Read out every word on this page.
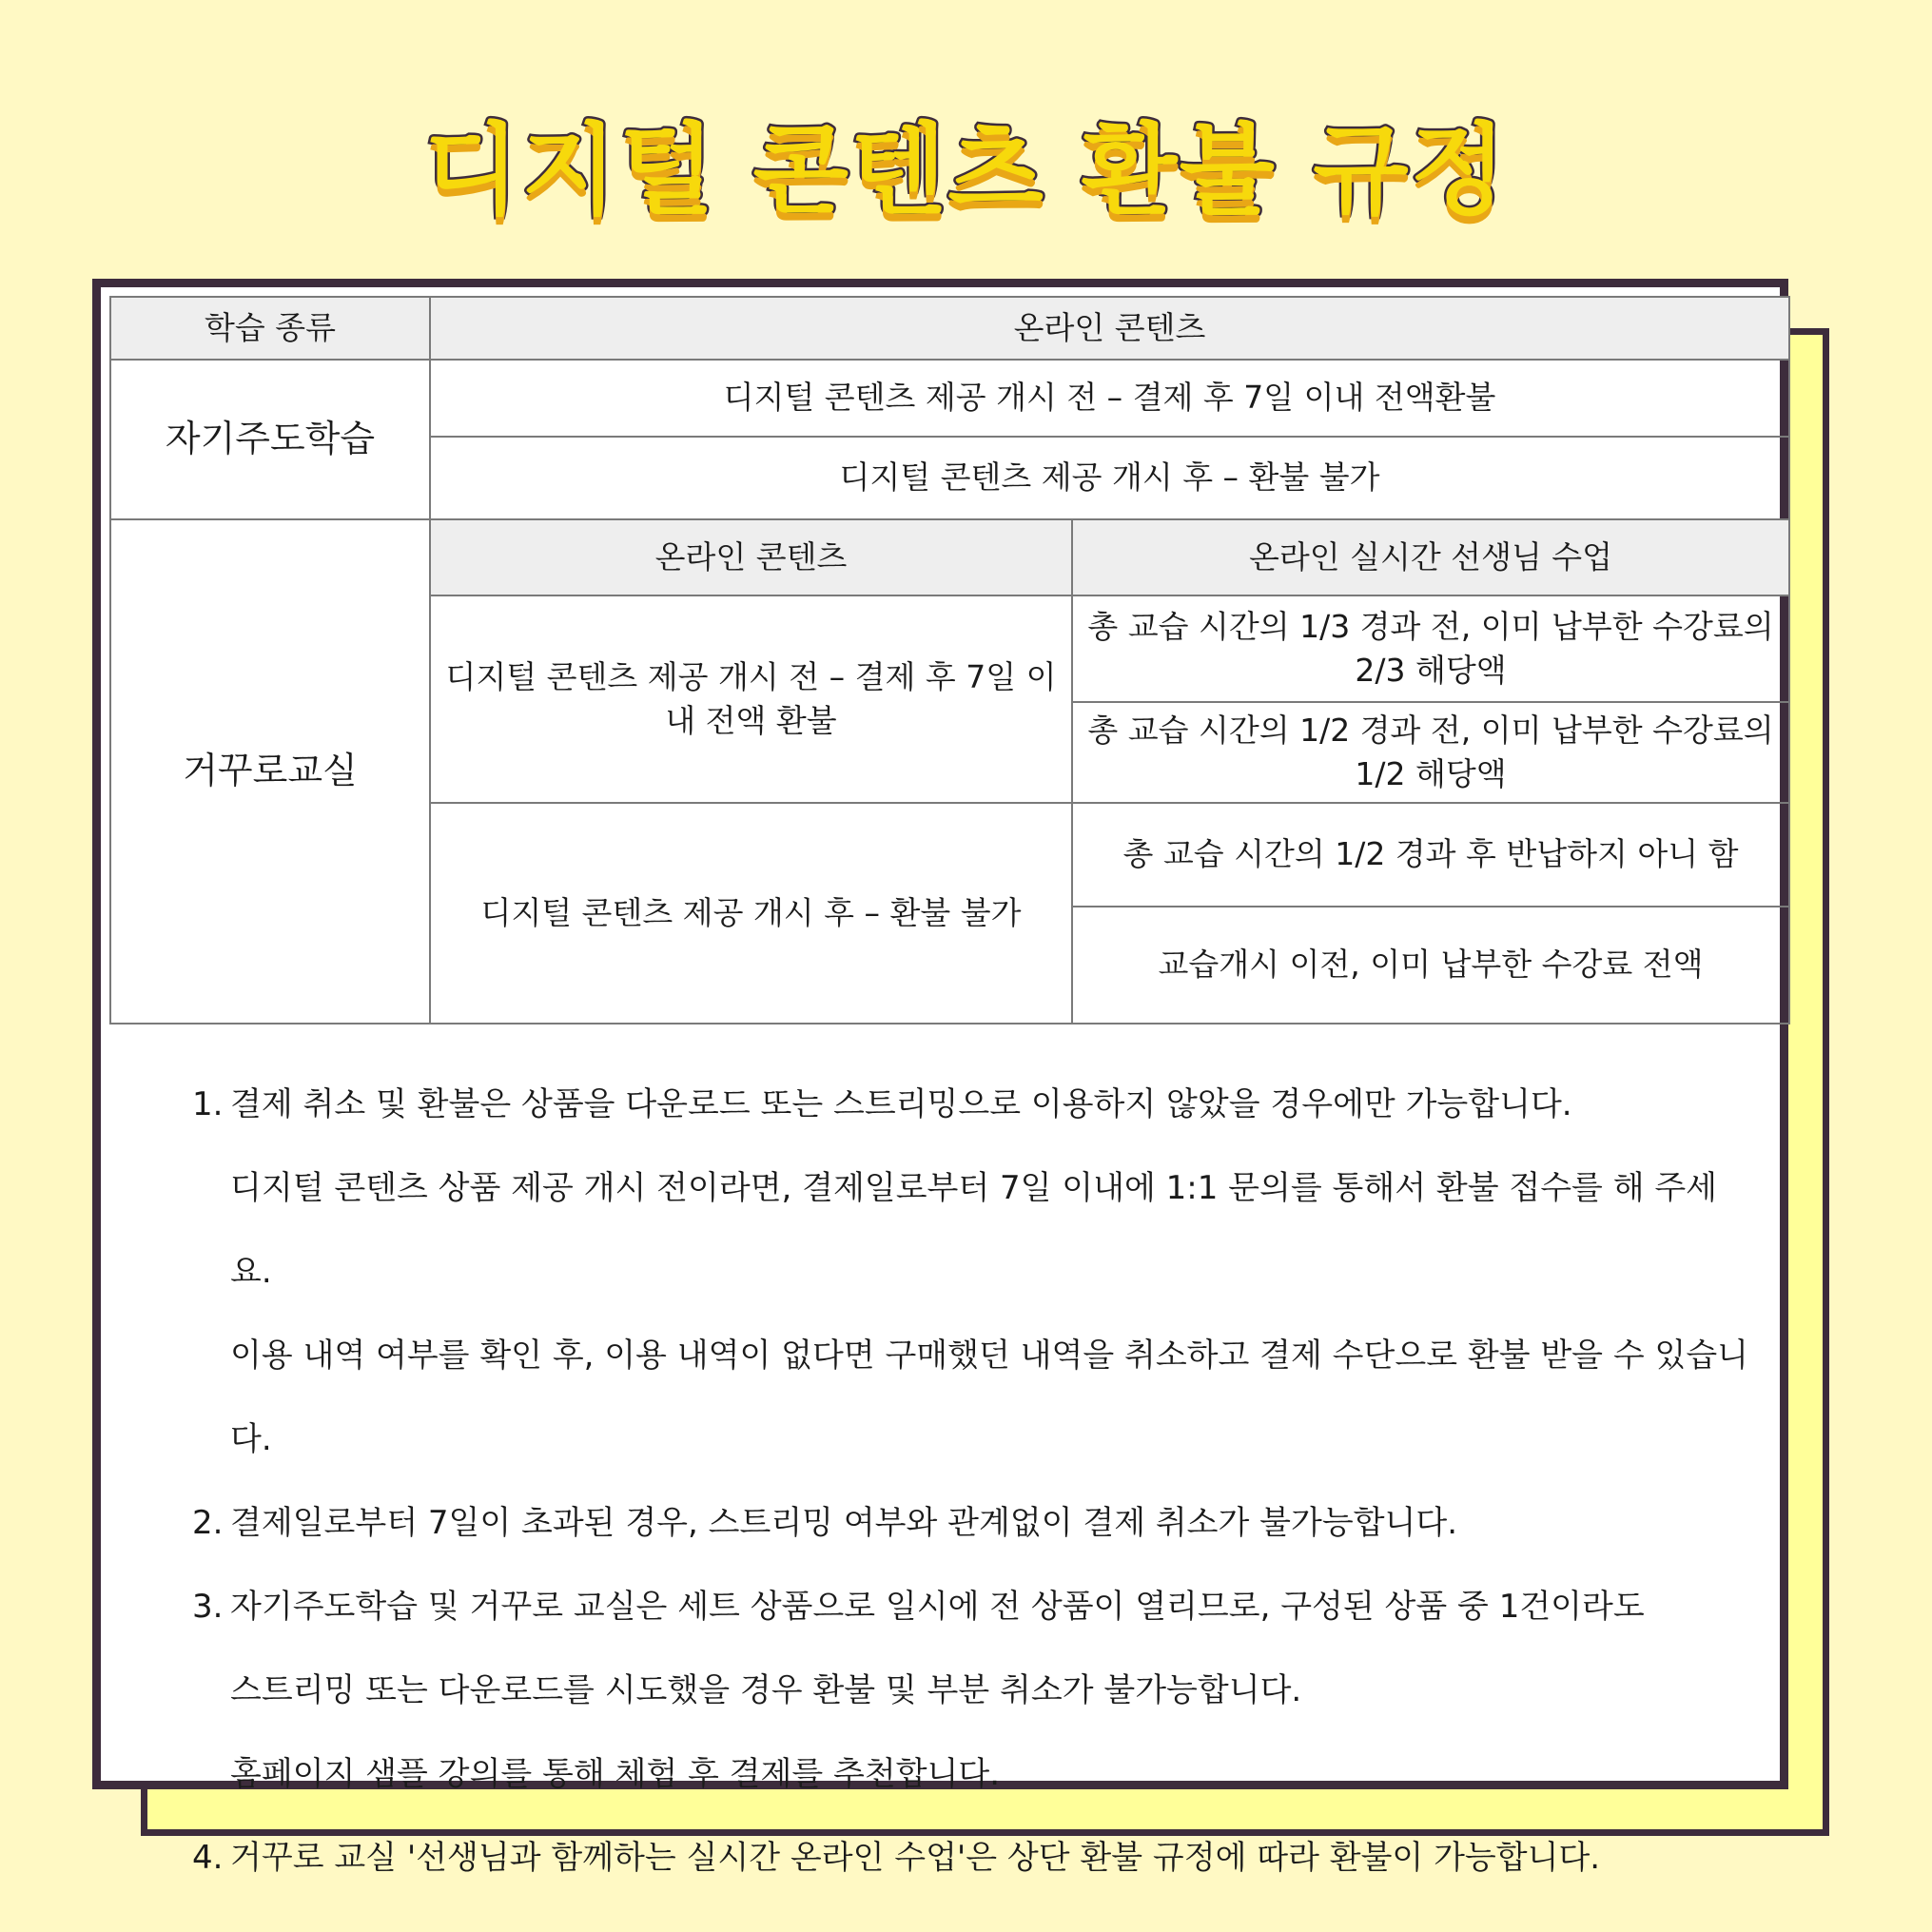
디지털 콘텐츠 환불 규정
학습 종류	온라인 콘텐츠	
자기주도학습	디지털 콘텐츠 제공 개시 전 – 결제 후 7일 이내 전액환불	
	디지털 콘텐츠 제공 개시 후 – 환불 불가	
거꾸로교실	온라인 콘텐츠	온라인 실시간 선생님 수업
	디지털 콘텐츠 제공 개시 전 – 결제 후 7일 이내 전액 환불	총 교습 시간의 1/3 경과 전, 이미 납부한 수강료의 2/3 해당액
		총 교습 시간의 1/2 경과 전, 이미 납부한 수강료의 1/2 해당액
	디지털 콘텐츠 제공 개시 후 – 환불 불가	총 교습 시간의 1/2 경과 후 반납하지 아니 함
		교습개시 이전, 이미 납부한 수강료 전액
1. 결제 취소 및 환불은 상품을 다운로드 또는 스트리밍으로 이용하지 않았을 경우에만 가능합니다.
디지털 콘텐츠 상품 제공 개시 전이라면, 결제일로부터 7일 이내에 1:1 문의를 통해서 환불 접수를 해 주세요.
이용 내역 여부를 확인 후, 이용 내역이 없다면 구매했던 내역을 취소하고 결제 수단으로 환불 받을 수 있습니다.
2. 결제일로부터 7일이 초과된 경우, 스트리밍 여부와 관계없이 결제 취소가 불가능합니다.
3. 자기주도학습 및 거꾸로 교실은 세트 상품으로 일시에 전 상품이 열리므로, 구성된 상품 중 1건이라도
스트리밍 또는 다운로드를 시도했을 경우 환불 및 부분 취소가 불가능합니다.
홈페이지 샘플 강의를 통해 체험 후 결제를 추천합니다.
4. 거꾸로 교실 '선생님과 함께하는 실시간 온라인 수업'은 상단 환불 규정에 따라 환불이 가능합니다.
